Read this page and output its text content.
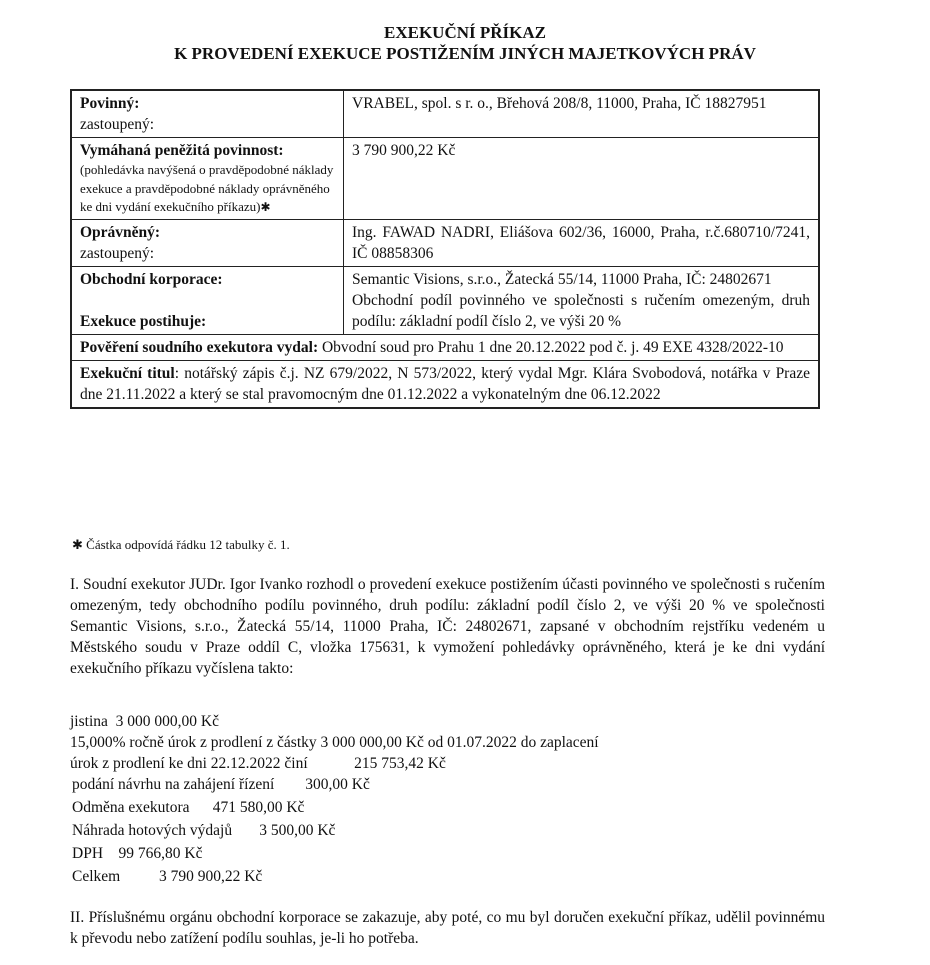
EXEKUČNÍ PŘÍKAZ
K PROVEDENÍ EXEKUCE POSTIŽENÍM JINÝCH MAJETKOVÝCH PRÁV
Povinný:
zastoupený:
VRABEL, spol. s r. o., Břehová 208/8, 11000, Praha, IČ 18827951
Vymáhaná peněžitá povinnost:
(pohledávka navýšená o pravděpodobné náklady exekuce a pravděpodobné náklady oprávněného ke dni vydání exekučního příkazu)✱
3 790 900,22 Kč
Oprávněný:
zastoupený:
Ing. FAWAD NADRI, Eliášova 602/36, 16000, Praha, r.č.680710/7241, IČ 08858306
Obchodní korporace:
Exekuce postihuje:
Semantic Visions, s.r.o., Žatecká 55/14, 11000 Praha, IČ: 24802671
Obchodní podíl povinného ve společnosti s ručením omezeným, druh podílu: základní podíl číslo 2, ve výši 20 %
Pověření soudního exekutora vydal: Obvodní soud pro Prahu 1 dne 20.12.2022 pod č. j. 49 EXE 4328/2022-10
Exekuční titul: notářský zápis č.j. NZ 679/2022, N 573/2022, který vydal Mgr. Klára Svobodová, notářka v Praze dne 21.11.2022 a který se stal pravomocným dne 01.12.2022 a vykonatelným dne 06.12.2022
✱ Částka odpovídá řádku 12 tabulky č. 1.
I. Soudní exekutor JUDr. Igor Ivanko rozhodl o provedení exekuce postižením účasti povinného ve společnosti s ručením omezeným, tedy obchodního podílu povinného, druh podílu: základní podíl číslo 2, ve výši 20 % ve společnosti Semantic Visions, s.r.o., Žatecká 55/14, 11000 Praha, IČ: 24802671, zapsané v obchodním rejstříku vedeném u Městského soudu v Praze oddíl C, vložka 175631, k vymožení pohledávky oprávněného, která je ke dni vydání exekučního příkazu vyčíslena takto:
jistina  3 000 000,00 Kč
15,000% ročně úrok z prodlení z částky 3 000 000,00 Kč od 01.07.2022 do zaplacení
úrok z prodlení ke dni 22.12.2022 činí            215 753,42 Kč
podání návrhu na zahájení řízení        300,00 Kč
Odměna exekutora      471 580,00 Kč
Náhrada hotových výdajů       3 500,00 Kč
DPH    99 766,80 Kč
Celkem          3 790 900,22 Kč
II. Příslušnému orgánu obchodní korporace se zakazuje, aby poté, co mu byl doručen exekuční příkaz, udělil povinnému k převodu nebo zatížení podílu souhlas, je-li ho potřeba.
